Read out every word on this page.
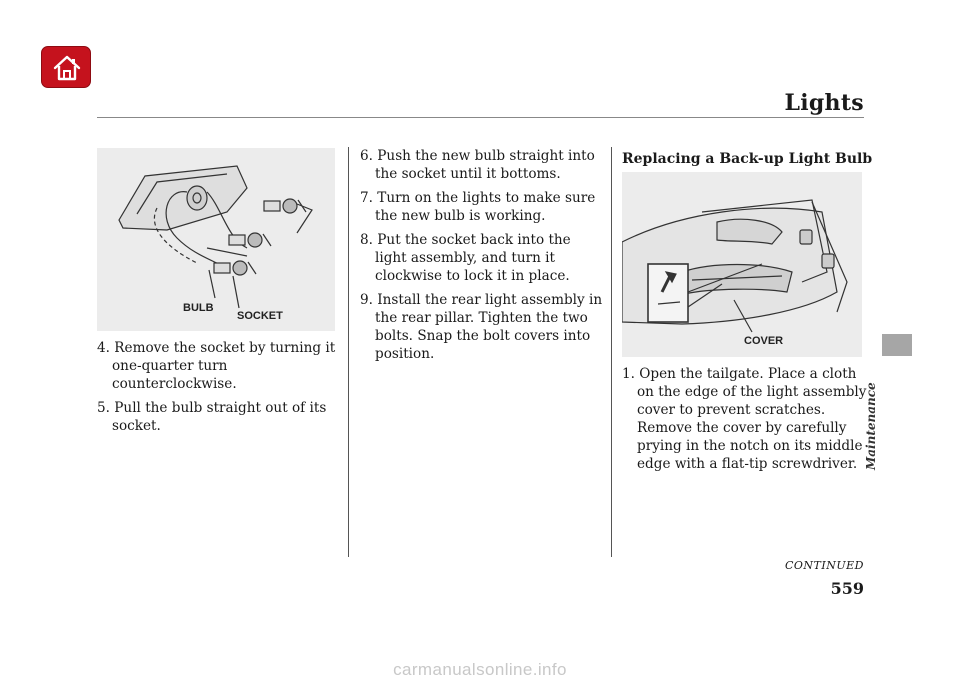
Lights
BULB
SOCKET

4. Remove the socket by turning it one-quarter turn counterclockwise.

5. Pull the bulb straight out of its socket.

6. Push the new bulb straight into the socket until it bottoms.

7. Turn on the lights to make sure the new bulb is working.

8. Put the socket back into the light assembly, and turn it clockwise to lock it in place.

9. Install the rear light assembly in the rear pillar. Tighten the two bolts. Snap the bolt covers into position.

Replacing a Back-up Light Bulb
COVER

1. Open the tailgate. Place a cloth on the edge of the light assembly cover to prevent scratches. Remove the cover by carefully prying in the notch on its middle edge with a flat-tip screwdriver. Maintenance
CONTINUED
559
carmanualsonline.info
